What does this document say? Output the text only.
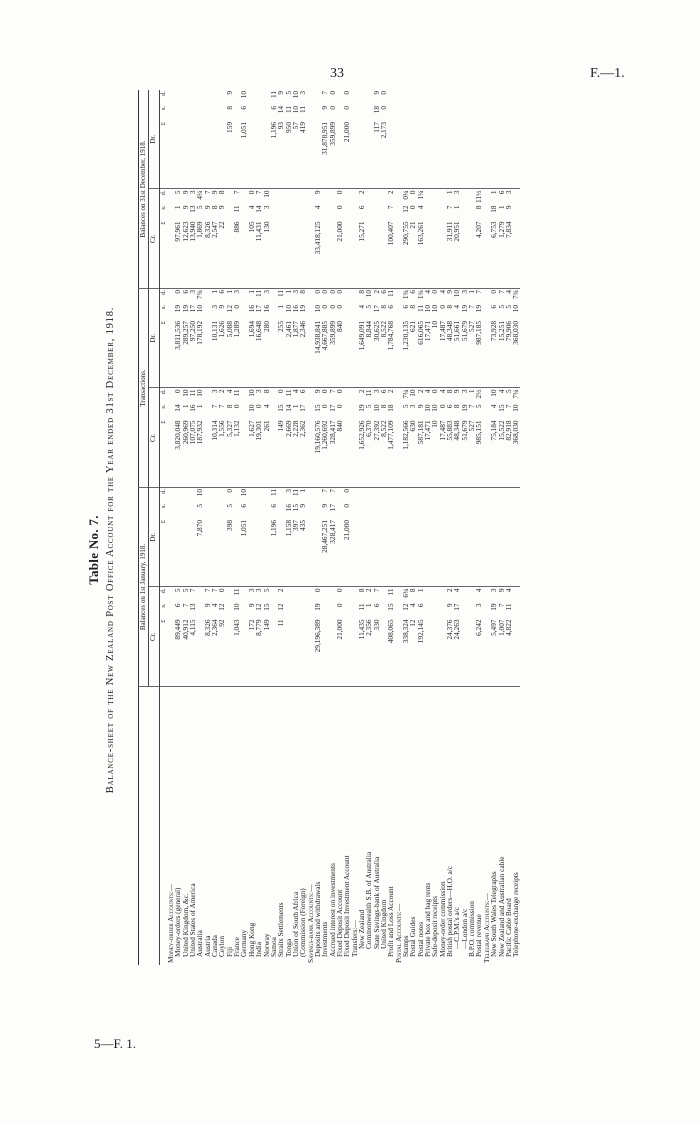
33	F.—1.
5—F. 1.
Table No. 7. Balance-sheet of the New Zealand Post Office Account for the Year ended 31st December, 1918.
		Balances on 1st January, 1918.								Transactions.								Balances on 31st December, 1918.							
	Cr.				Dr.				Cr.				Dr.				Cr.				Dr.			
		£	s.	d.		£	s.	d.		£	s.	d.		£	s.	d.		£	s.	d.		£	s.	d.
Money-order Accounts:—																								
Money-orders (general)		89,449	6	5						3,820,048	14	0		3,811,536	19	0		97,961	1	5				
United Kingdom, &c.		40,912	7	5						260,969	1	10		289,257	19	6		12,623	9	9				
United States of America		4,115	13	7						107,075	16	11		97,250	17	3		13,940	13	3				
Australia						7,870	5	10		187,932	1	10		178,192	10	7¾		1,869	5	4¼				
Austria		8,326	9	7														8,326	9	7				
Canada		2,364	4	7						10,314	7	3		10,131	3	1		2,547	8	9				
Ceylon		92	12	0						1,556	7	2		1,626	9	6		22	9	8				
Fiji						398	5	0		5,327	8	4		5,088	12	1						159	8	9
France		1,043	10	11						1,132	0	11		1,289	0	3		886	11	7				
Germany						1,051	6	10														1,051	6	10
Hong Kong		172	9	3						1,627	10	10		1,694	16	1		105	4	0				
India		8,779	12	3						19,301	0	3		16,648	17	11		11,431	14	7				
Norway		149	15	5						261	4	8		280	16	3		130	3	10				
Samoa						1,196	6	11														1,196	6	11
Straits Settlements		11	12	2						149	15	0		255	1	11						93	14	9
Tonga						1,158	16	3		2,669	14	11		2,461	10	1						950	11	5
Union of South Africa						397	15	11		2,228	1	4		1,877	16	3						57	10	10
(Commission (Foreign)						435	9	1		2,362	17	6		2,346	19	8						419	11	3
Savings-bank Accounts:—																								
Deposits and withdrawals		29,196,389	19	0						19,160,576	15	9		14,938,841	10	0		33,418,125	4	9				
Investments						28,467,251	9	7		1,260,692	0	0		4,667,885	0	0						31,878,951	9	7
Accrued interest on investments						328,417	17	7		328,417	17	7		359,899	0	0						359,899	0	0
Fixed Deposit Account		21,000	0	0						840	0	0		840	0	0		21,000	0	0				
Fixed Deposit Investment Account						21,000	0	0														21,000	0	0
Transfers:—																								
New Zealand		11,435	11	8						1,652,926	19	2		1,649,091	4	8		15,271	6	2				
Commonwealth S.B. of Australia		2,356	1	2						6,370	5	11		8,844	5	10								
State Savings-bank of Australia		330	6	7						27,392	10	3		30,625	17	2						117	18	9
United Kingdom										8,522	8	6		8,522	8	6						2,173	0	0
Profit and Loss Account		408,065	15	11						1,477,109	18	2		1,784,768	6	11		100,407	7	2				
Postal Accounts:—																								
Stamps		338,324	12	6¾						1,182,566	5	7¾		1,230,135	6	1¾		290,755	12	0¾				
Postal Guides		12	4	8						630	3	10		621	8	6		21	0	0				
Postal notes		192,145	6	1						587,181	9	2		616,065	11	1¾		163,261	4	1¼				
Private box and bag rents										17,471	10	4		17,471	10	4								
Safe-deposit receipts										10	10	0		10	10	0								
Money-order commission										17,487	0	4		17,487	0	4								
British postal orders—H.O. a/c		24,376	9	2						55,883	6	8		48,348	8	9		31,911	7	1				
—C.P.M.'s a/c		24,263	17	4						48,348	8	9		51,661	4	10		20,951	1	3				
—London a/c										51,679	19	3		51,679	19	3								
B.P.O. commission										527	7	1		527	7	1								
Postal revenue		6,242	3	4						985,151	5	2½		987,185	19	7		4,207	8	11½				
Telegraph Accounts:—																								
New South Wales Telegraphs		5,497	19	3						75,184	4	10		73,928	6	0		6,753	18	1				
New Zealand and Australian cable		1,007	7	9						15,522	15	4		15,251	5	7		1,279	1	6				
Pacific Cable Board		4,822	11	4						82,918	7	5		79,906	5	4		7,834	9	3				
Telephone-exchange receipts										368,030	10	7¾		368,030	10	7¾								
